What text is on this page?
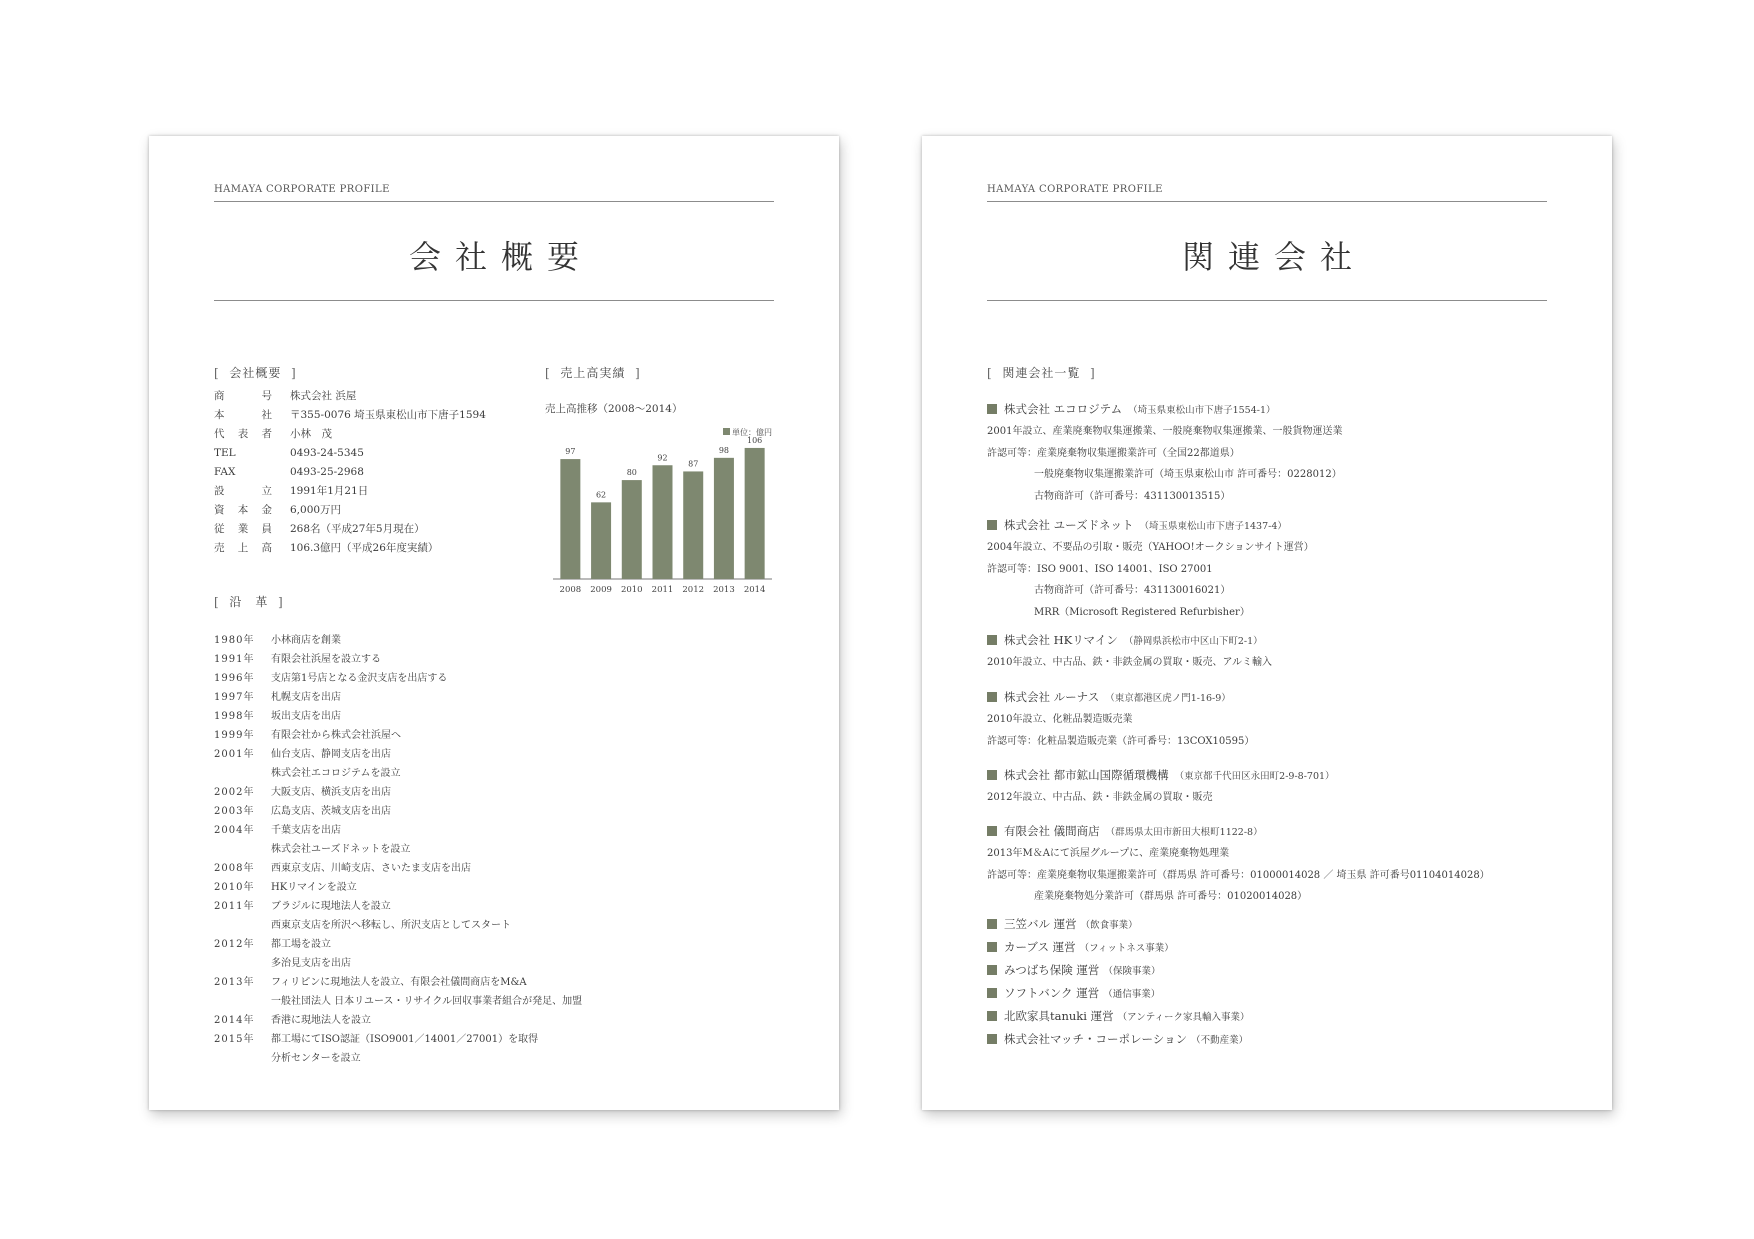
HAMAYA CORPORATE PROFILE
会社概要
[ 会社概要 ]
商号 株式会社 浜屋
本社 〒355-0076 埼玉県東松山市下唐子1594
代表者 小林　茂
TEL	0493-24-5345
FAX	0493-25-2968
設立 1991年1月21日
資本金 6,000万円
従業員 268名（平成27年5月現在）
売上高 106.3億円（平成26年度実績）
[ 売上高実績 ]
売上高推移（2008～2014）
単位：億円
97
2008
62
2009
80
2010
92
2011
87
2012
98
2013
106
2014
[ 沿　革 ]
1980年 小林商店を創業
1991年 有限会社浜屋を設立する
1996年 支店第1号店となる金沢支店を出店する
1997年 札幌支店を出店
1998年 坂出支店を出店
1999年 有限会社から株式会社浜屋へ
2001年 仙台支店、静岡支店を出店
株式会社エコロジテムを設立
2002年 大阪支店、横浜支店を出店
2003年 広島支店、茨城支店を出店
2004年 千葉支店を出店
株式会社ユーズドネットを設立
2008年 西東京支店、川崎支店、さいたま支店を出店
2010年 HKリマインを設立
2011年 ブラジルに現地法人を設立
西東京支店を所沢へ移転し、所沢支店としてスタート
2012年 都工場を設立
多治見支店を出店
2013年 フィリピンに現地法人を設立、有限会社儀間商店をM&A
一般社団法人 日本リユース・リサイクル回収事業者組合が発足、加盟
2014年 香港に現地法人を設立
2015年 都工場にてISO認証（ISO9001／14001／27001）を取得
分析センターを設立
HAMAYA CORPORATE PROFILE
関連会社
[ 関連会社一覧 ]
株式会社 エコロジテム （埼玉県東松山市下唐子1554-1）
2001年設立、産業廃棄物収集運搬業、一般廃棄物収集運搬業、一般貨物運送業
許認可等：産業廃棄物収集運搬業許可（全国22都道県）
一般廃棄物収集運搬業許可（埼玉県東松山市 許可番号：0228012）
古物商許可（許可番号：431130013515）
株式会社 ユーズドネット （埼玉県東松山市下唐子1437-4）
2004年設立、不要品の引取・販売（YAHOO!オークションサイト運営）
許認可等：ISO 9001、ISO 14001、ISO 27001
古物商許可（許可番号：431130016021）
MRR（Microsoft Registered Refurbisher）
株式会社 HKリマイン （静岡県浜松市中区山下町2-1）
2010年設立、中古品、鉄・非鉄金属の買取・販売、アルミ輸入
株式会社 ルーナス （東京都港区虎ノ門1-16-9）
2010年設立、化粧品製造販売業
許認可等：化粧品製造販売業（許可番号：13COX10595）
株式会社 都市鉱山国際循環機構 （東京都千代田区永田町2-9-8-701）
2012年設立、中古品、鉄・非鉄金属の買取・販売
有限会社 儀間商店 （群馬県太田市新田大根町1122-8）
2013年M＆Aにて浜屋グループに、産業廃棄物処理業
許認可等：産業廃棄物収集運搬業許可（群馬県 許可番号：01000014028 ／ 埼玉県 許可番号01104014028）
産業廃棄物処分業許可（群馬県 許可番号：01020014028）
三笠バル 運営 （飲食事業）
カーブス 運営 （フィットネス事業）
みつばち保険 運営 （保険事業）
ソフトバンク 運営 （通信事業）
北欧家具tanuki 運営 （アンティーク家具輸入事業）
株式会社マッチ・コーポレーション （不動産業）
